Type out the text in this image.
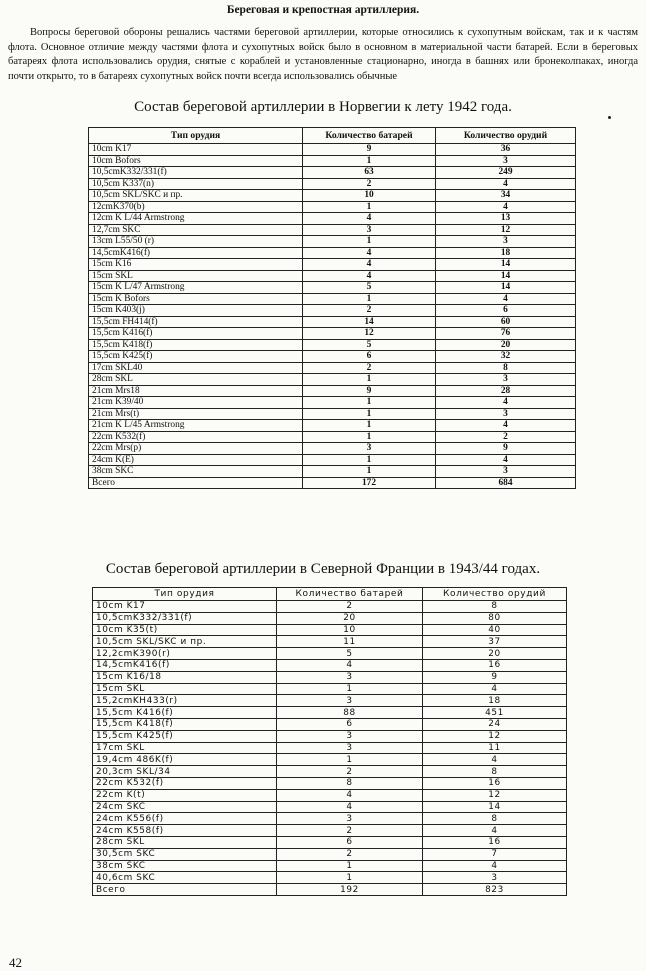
Береговая и крепостная артиллерия.

Вопросы береговой обороны решались частями береговой артиллерии, которые относились к сухопутным войскам, так и к частям флота. Основное отличие между частями флота и сухопутных войск было в основном в материальной части батарей. Если в береговых батареях флота использовались орудия, снятые с кораблей и установленные стационарно, иногда в башнях или бронеколпаках, иногда почти открыто, то в батареях сухопутных войск почти всегда использовались обычные

Состав береговой артиллерии в Норвегии к лету 1942 года.
Тип орудия	Количество батарей	Количество орудий
10cm K17	9	36
10cm Bofors	1	3
10,5cmK332/331(f)	63	249
10,5cm K337(n)	2	4
10,5cm SKL/SKC и пр.	10	34
12cmK370(b)	1	4
12cm K L/44 Armstrong	4	13
12,7cm SKC	3	12
13cm L55/50 (r)	1	3
14,5cmK416(f)	4	18
15cm K16	4	14
15cm SKL	4	14
15cm K L/47 Armstrong	5	14
15cm K Bofors	1	4
15cm K403(j)	2	6
15,5cm FH414(f)	14	60
15,5cm K416(f)	12	76
15,5cm K418(f)	5	20
15,5cm K425(f)	6	32
17cm SKL40	2	8
28cm SKL	1	3
21cm Mrs18	9	28
21cm K39/40	1	4
21cm Mrs(t)	1	3
21cm K L/45 Armstrong	1	4
22cm K532(f)	1	2
22cm Mrs(p)	3	9
24cm K(E)	1	4
38cm SKC	1	3
Всего	172	684
Состав береговой артиллерии в Северной Франции в 1943/44 годах.
Тип орудия	Количество батарей	Количество орудий
10cm K17	2	8
10,5cmK332/331(f)	20	80
10cm K35(t)	10	40
10,5cm SKL/SKC и пр.	11	37
12,2cmK390(r)	5	20
14,5cmK416(f)	4	16
15cm K16/18	3	9
15cm SKL	1	4
15,2cmKH433(r)	3	18
15,5cm K416(f)	88	451
15,5cm K418(f)	6	24
15,5cm K425(f)	3	12
17cm SKL	3	11
19,4cm 486K(f)	1	4
20,3cm SKL/34	2	8
22cm K532(f)	8	16
22cm K(t)	4	12
24cm SKC	4	14
24cm K556(f)	3	8
24cm K558(f)	2	4
28cm SKL	6	16
30,5cm SKC	2	7
38cm SKC	1	4
40,6cm SKC	1	3
Всего	192	823
42
